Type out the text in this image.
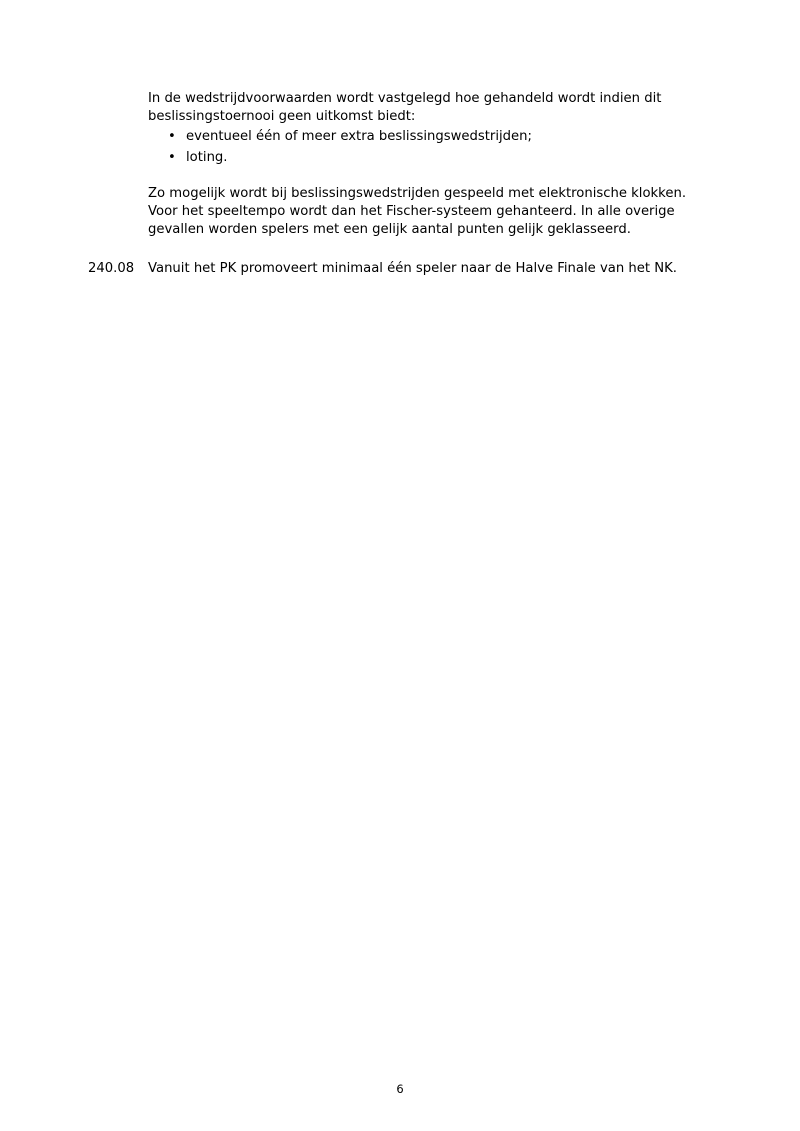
In de wedstrijdvoorwaarden wordt vastgelegd hoe gehandeld wordt indien dit beslissingstoernooi geen uitkomst biedt:

• eventueel één of meer extra beslissingswedstrijden;
• loting.

Zo mogelijk wordt bij beslissingswedstrijden gespeeld met elektronische klokken. Voor het speeltempo wordt dan het Fischer-systeem gehanteerd. In alle overige gevallen worden spelers met een gelijk aantal punten gelijk geklasseerd.

240.08	Vanuit het PK promoveert minimaal één speler naar de Halve Finale van het NK.
6
